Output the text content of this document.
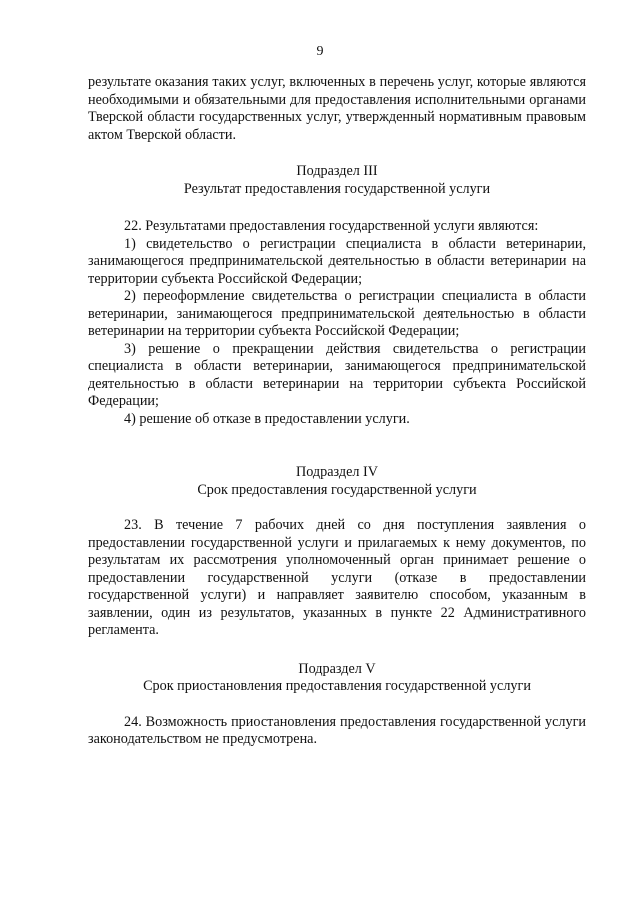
9

результате оказания таких услуг, включенных в перечень услуг, которые являются необходимыми и обязательными для предоставления исполнительными органами Тверской области государственных услуг, утвержденный нормативным правовым актом Тверской области.

Подраздел III

Результат предоставления государственной услуги

22. Результатами предоставления государственной услуги являются:

1) свидетельство о регистрации специалиста в области ветеринарии, занимающегося предпринимательской деятельностью в области ветеринарии на территории субъекта Российской Федерации;

2) переоформление свидетельства о регистрации специалиста в области ветеринарии, занимающегося предпринимательской деятельностью в области ветеринарии на территории субъекта Российской Федерации;

3) решение о прекращении действия свидетельства о регистрации специалиста в области ветеринарии, занимающегося предпринимательской деятельностью в области ветеринарии на территории субъекта Российской Федерации;

4) решение об отказе в предоставлении услуги.

Подраздел IV

Срок предоставления государственной услуги

23. В течение 7 рабочих дней со дня поступления заявления о предоставлении государственной услуги и прилагаемых к нему документов, по результатам их рассмотрения уполномоченный орган принимает решение о предоставлении государственной услуги (отказе в предоставлении государственной услуги) и направляет заявителю способом, указанным в заявлении, один из результатов, указанных в пункте 22 Административного регламента.

Подраздел V

Срок приостановления предоставления государственной услуги

24. Возможность приостановления предоставления государственной услуги законодательством не предусмотрена.
